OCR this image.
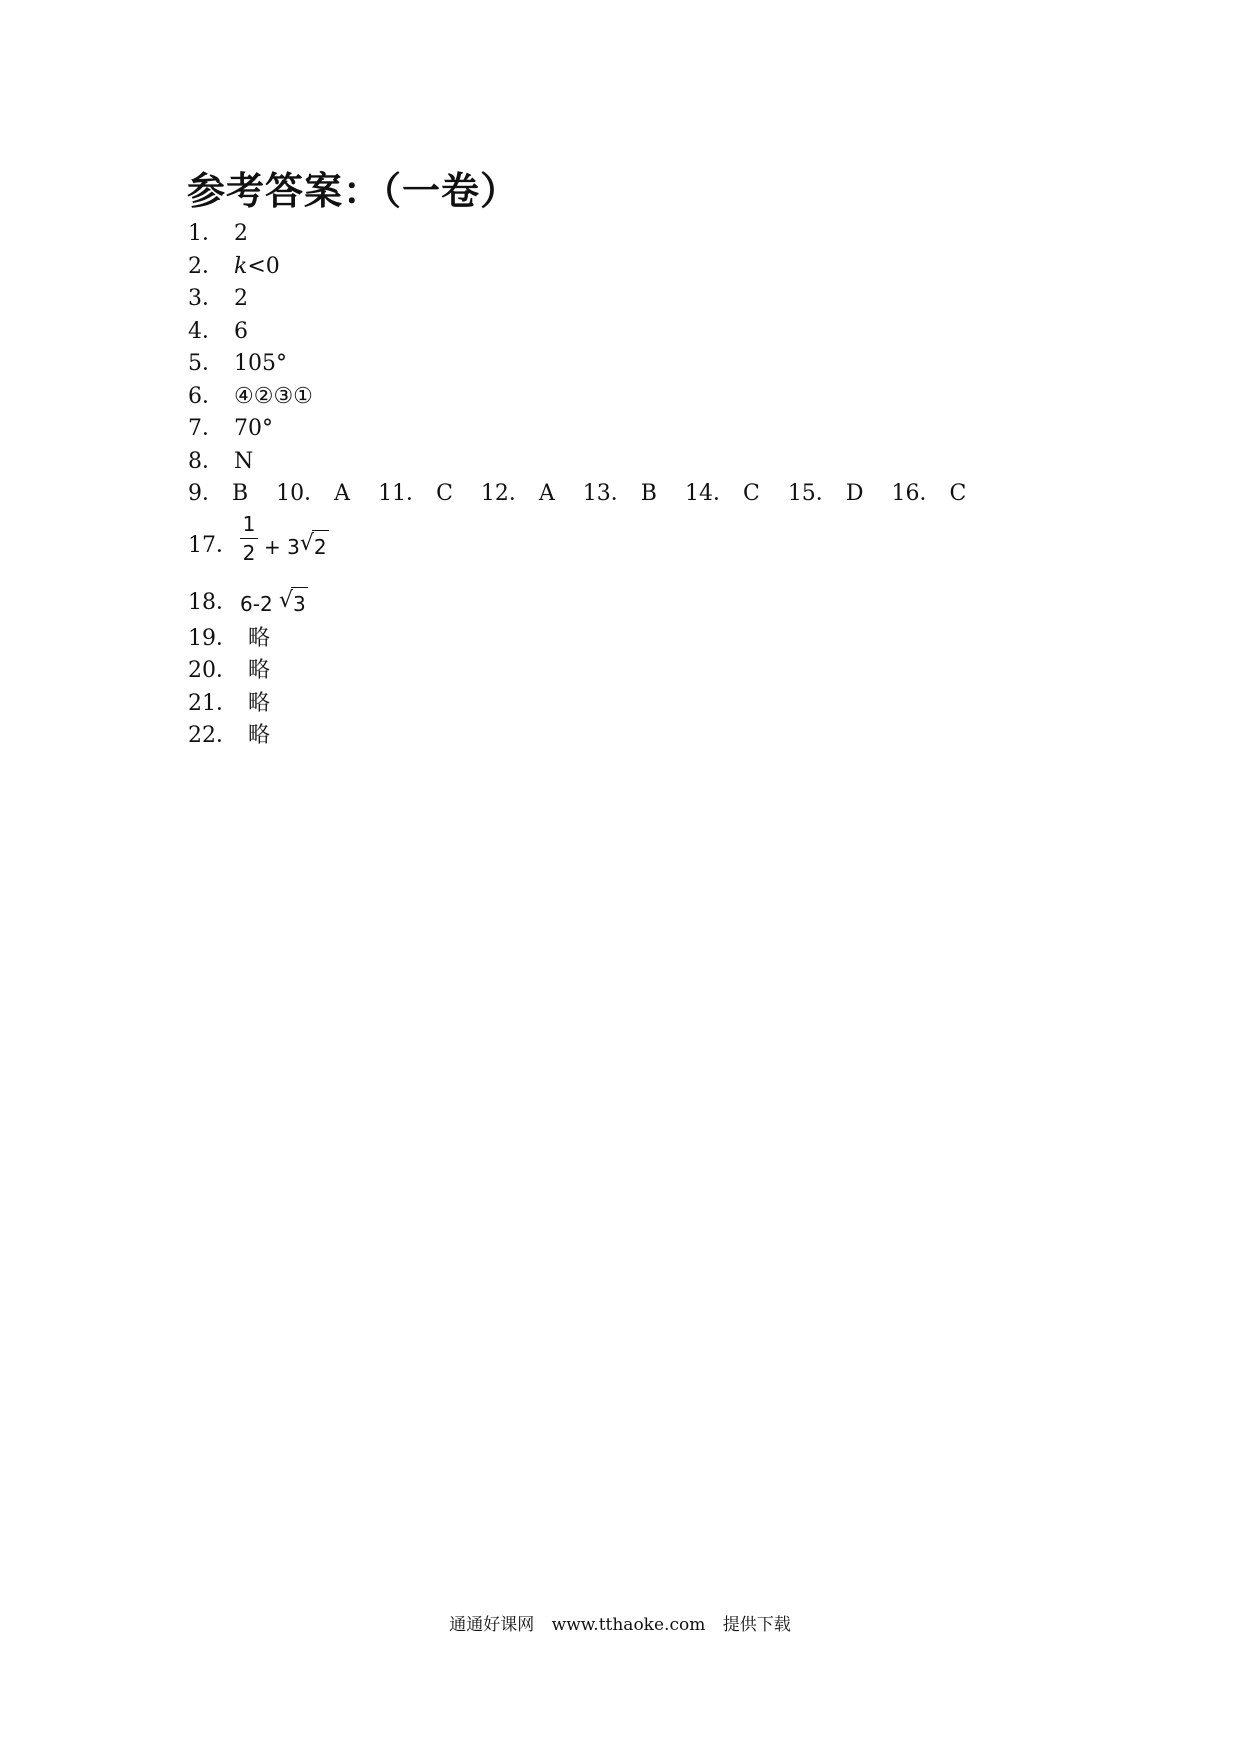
参考答案：（一卷）
1． 2
2． k<0
3． 2
4． 6
5． 105°
6． ④②③①
7． 70°
8． N
9． B 10． A 11． C 12． A 13． B 14． C 15． D 16． C
17．
1
2 + 3 √ 2
18． 6-2 √ 3
19． 略
20． 略
21． 略
22． 略
通通好课网 www.tthaoke.com 提供下载
